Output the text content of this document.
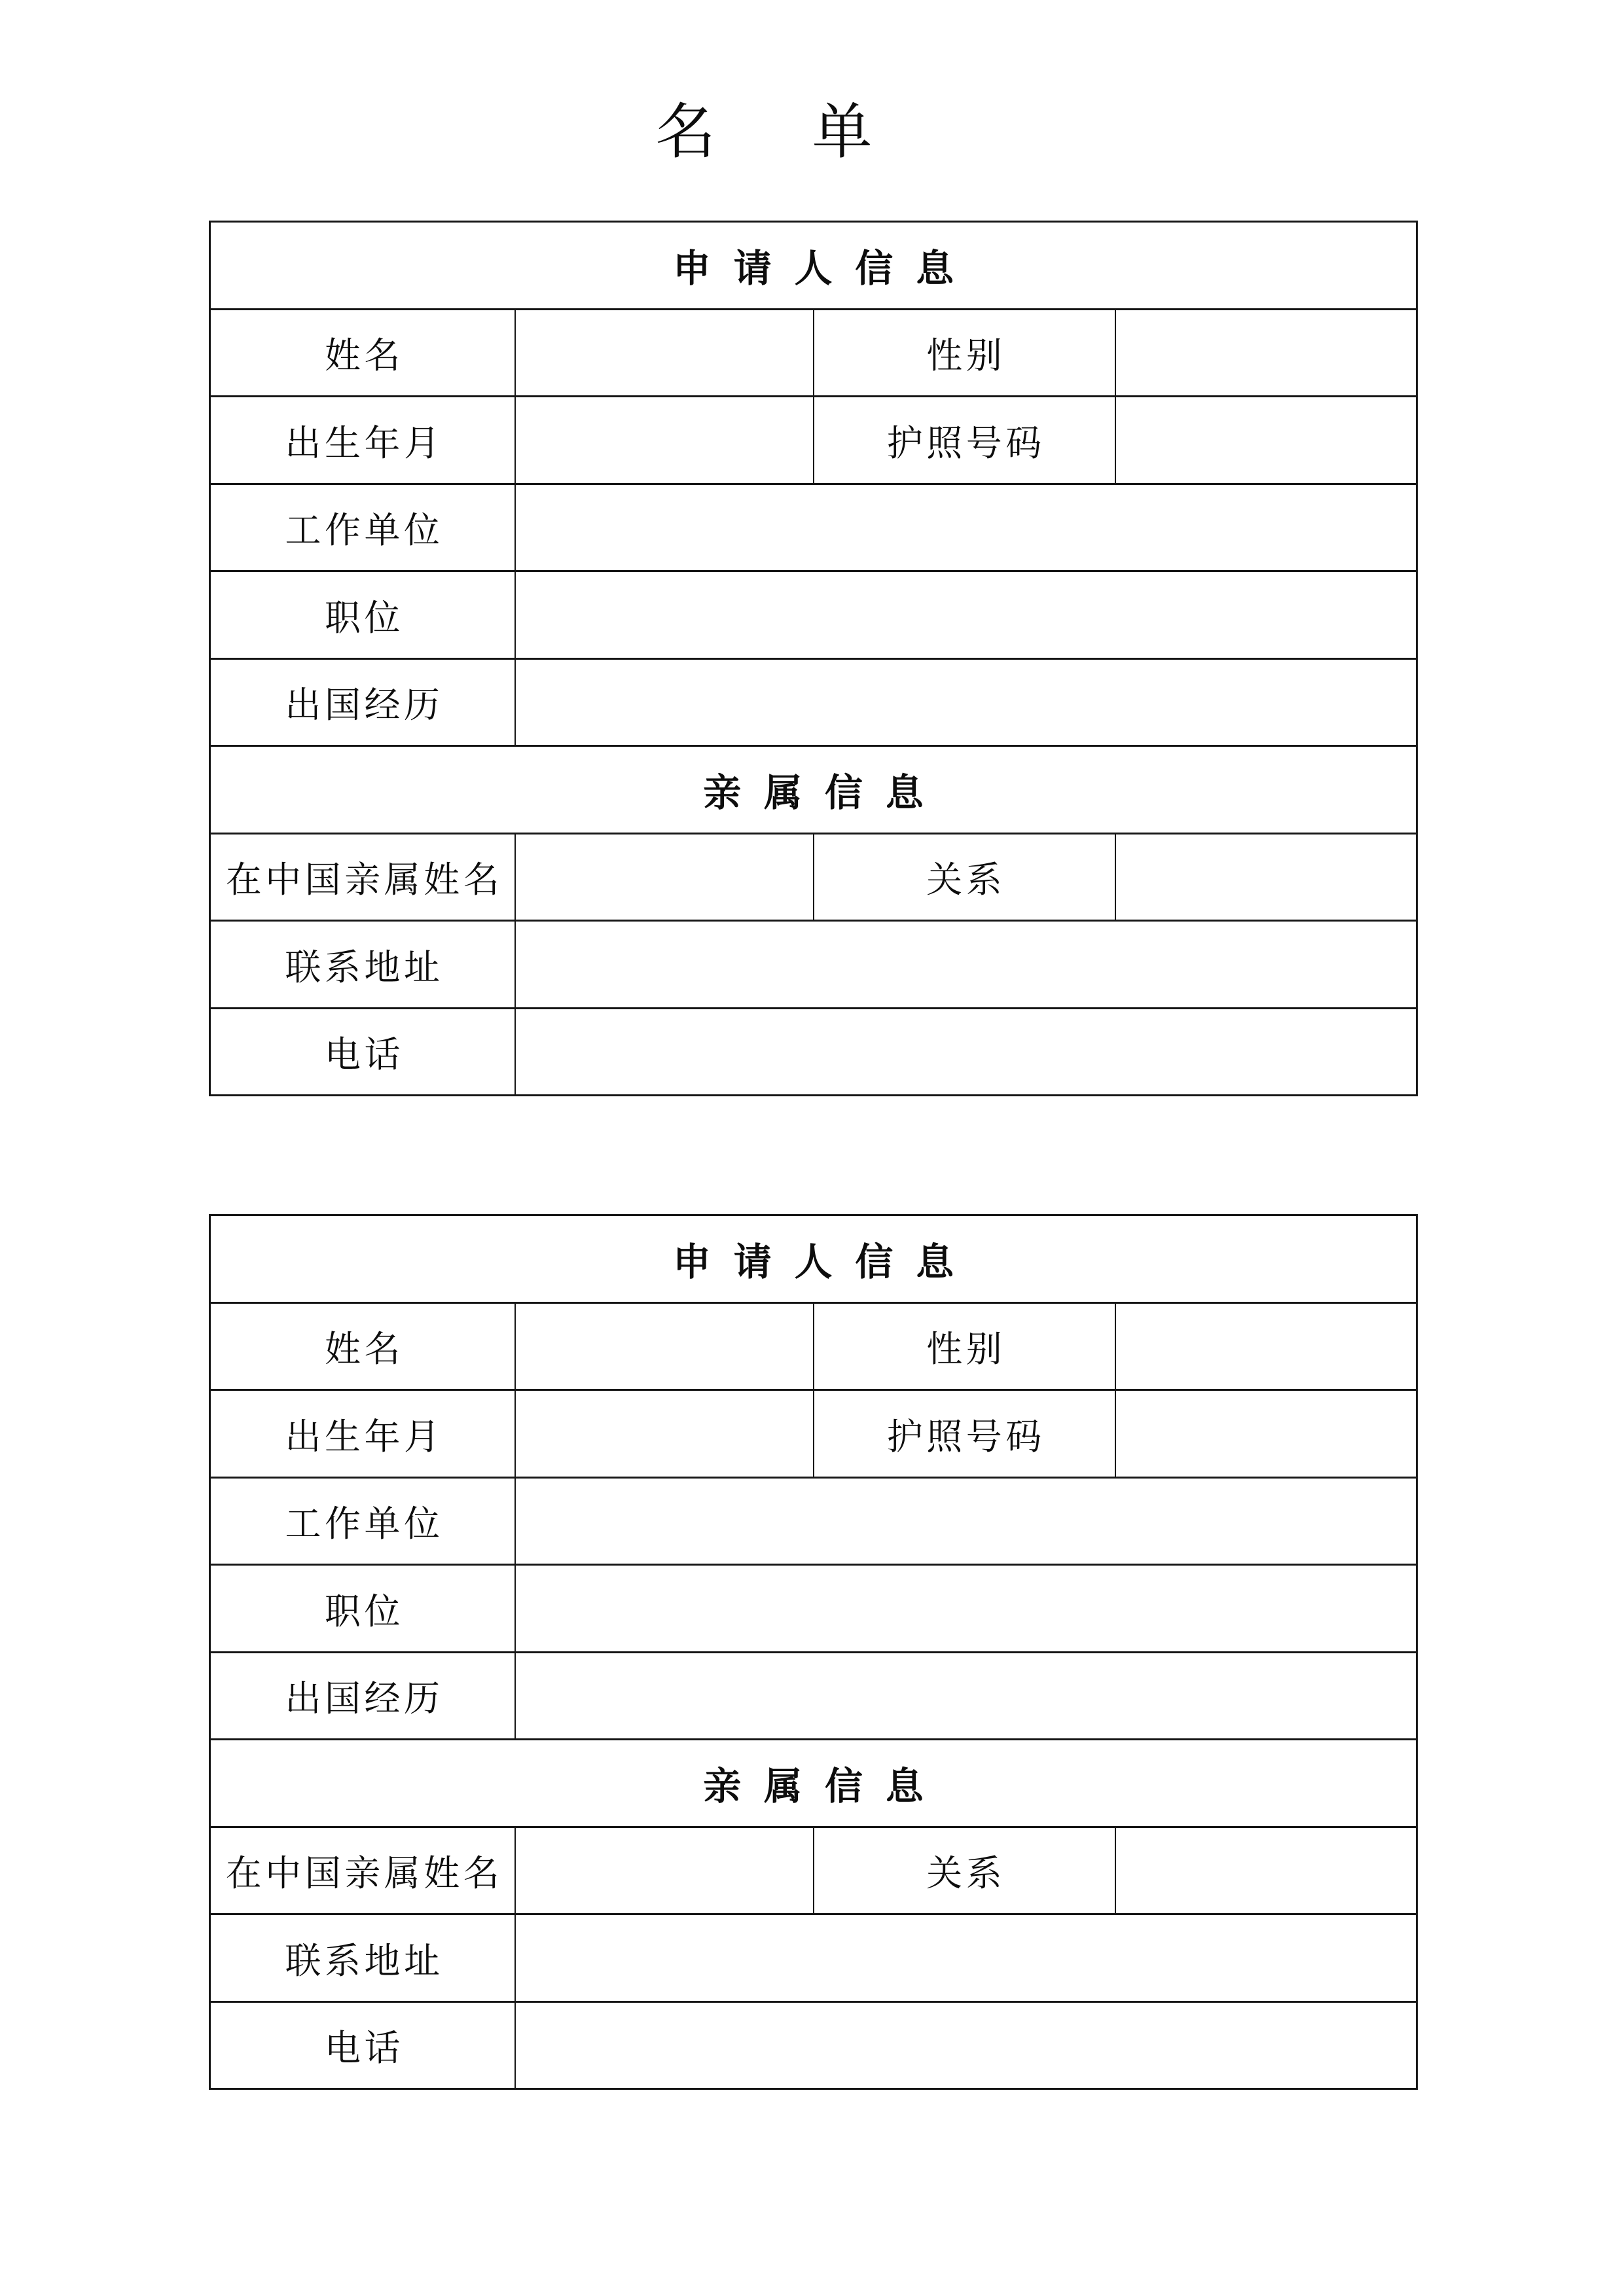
名单
申请人信息			
姓名		性别	
出生年月		护照号码	
工作单位			
职位			
出国经历			
亲属信息			
在中国亲属姓名		关系	
联系地址			
电话			
申请人信息			
姓名		性别	
出生年月		护照号码	
工作单位			
职位			
出国经历			
亲属信息			
在中国亲属姓名		关系	
联系地址			
电话			
